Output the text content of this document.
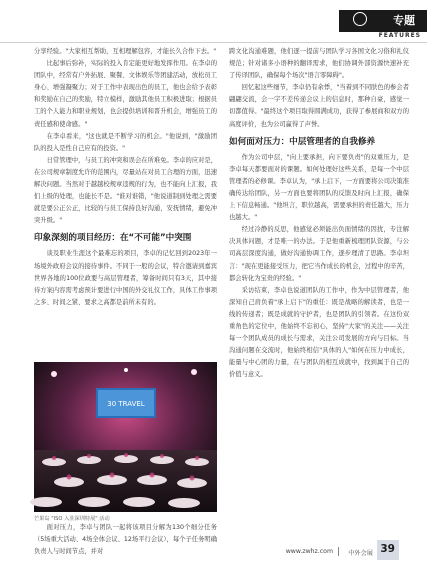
专题
FEATURES

分享经验。"大家相互帮助，互相理解包容，才能长久合作下去。"

比起事后弥补，实际的投入肯定能更好地发挥作用。在李卓的团队中，经常有户外拓展、聚餐、文体娱乐等团建活动，放松员工身心、增强凝聚力；对于工作中表现出色的员工，他也会给予表彰和奖励在自己的奖励，特立模样，激励其他员工积极进取；根据员工的个人能力和职业规划，也会提供培训和晋升机会，增强员工的责任感和使命感。"

在李卓看来，"这也就是不断学习的机会。"他说到，"激励团队的投入是性自己应有的投资。"

日常管理中，与员工的冲突和误会在所难免。李卓的应对是，在公司规章制度允许的范围内，尽量站在对员工合理的方面，迅速解决问题。当然对于越越校规章违规的行为，也不能向上汇报，我们上级的处理，也能长不是。"谁对谁错，"他说道制到处理之需要就是要公正公正，比较的与员工保持良好沟通，安抚情绪，避免冲突升级。"

印象深刻的项目经历：在“不可能”中突围

谈及职业生涯这个最难忘的项目，李卓的记忆回到2023年一场境外政府会议的接待事件。不同于一般的会议，特合邀请到嘉宾世界各地的100位政要与高层管理者，筹备时间只有3天，其中接待方案内容需考虑预计要进行中国的外交礼仪工作，具体工作事项之多、时间之紧、要求之高都是前所未有的。

30 TRAVEL
芒果岛 "ISO 入驻深圳特展" 活动

面对压力，李卓与团队一起将该项目分解为130个细分任务（5场重大活动、4场全体会议、12场平行会议），每个子任务明确负责人与时间节点，并对

跨文化沟通难题，他们逐一提前与团队学习各国文化习俗和礼仪规范；针对诸多小语种的翻译需求，他们协调外部资源快速补充了传译团队，确保每个场次"语言零障碍"。

回忆起这些细节，李卓仍有余悸，"当着到不同肤色的参会者翩翩交流，会一字不差传递会议上的信息时，那种自豪，感觉一切都值得。"最终这个项目取得圆满成功，获得了参展商和双方的高度评价，也为公司赢得了声誉。

如何面对压力：中层管理者的自我修养

作为公司中层，"向上要承担，向下要负责"的双重压力，是李卓每天都要面对的课题。如何处理好这些关系，是每一个中层管理者的必修课。李卓认为，"承上启下，一方面要将公司决策准确传达给团队，另一方面也要将团队的反馈及时向上汇报，确保上下信息畅通。"他坦言，职位越高，需要承担的责任越大，压力也越大。"

经过冷静的反思，他感觉必须能出负面情绪的因扰，专注解决具体问题，才是唯一的办法。于是他重新梳理团队资源，与公司高层深度沟通，做好沟通协调工作，逐步理清了思路。李卓坦言："现在更能接受压力，把它当作成长的机会，过程中的辛苦，都会转化为宝贵的经验。"

采访结束，李卓也说道团队的工作中，作为中层管理者，他深知自己肩负着"承上启下"的重任：既是战略的解读者，也是一线的传递者；既是成就的守护者，也是团队的引领者。在这份双重角色的定位中，他始终不忘初心，坚持"大家"的关注——关注每一个团队成员的成长与需求，关注公司发展的方向与目标。当沟通问题在交流时，他始终相信"具体的人"如何在压力中成长，能量与中心团的力量，在与团队的相互成就中，找到属于自己的价值与意义。

www.zwhz.com 中外会展 39
